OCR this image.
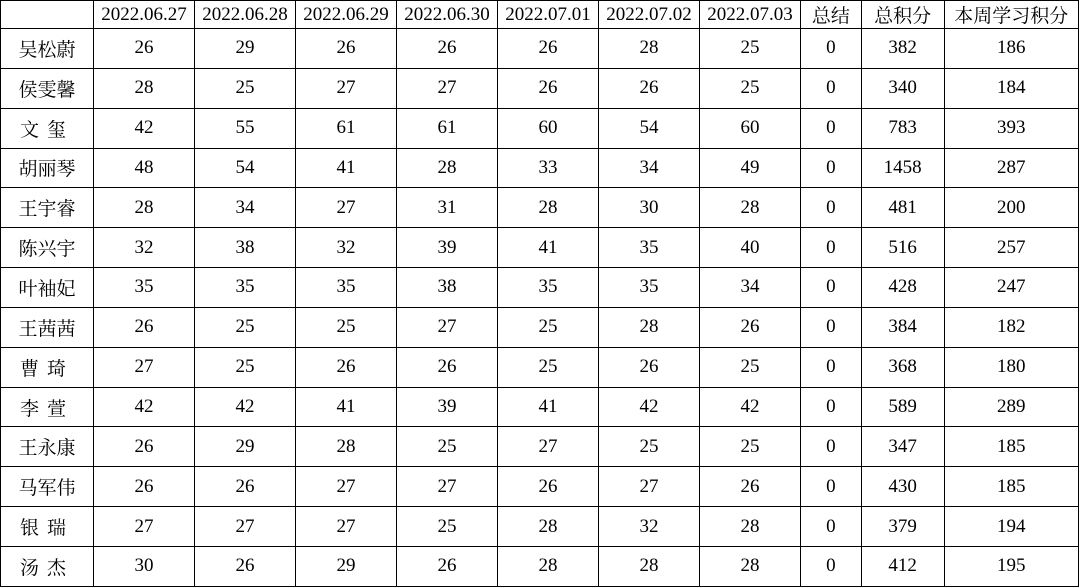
	2022.06.27	2022.06.28	2022.06.29	2022.06.30	2022.07.01	2022.07.02	2022.07.03	总结	总积分	本周学习积分
吴松蔚	26	29	26	26	26	28	25	0	382	186
侯雯馨	28	25	27	27	26	26	25	0	340	184
文玺	42	55	61	61	60	54	60	0	783	393
胡丽琴	48	54	41	28	33	34	49	0	1458	287
王宇睿	28	34	27	31	28	30	28	0	481	200
陈兴宇	32	38	32	39	41	35	40	0	516	257
叶袖妃	35	35	35	38	35	35	34	0	428	247
王茜茜	26	25	25	27	25	28	26	0	384	182
曹琦	27	25	26	26	25	26	25	0	368	180
李萱	42	42	41	39	41	42	42	0	589	289
王永康	26	29	28	25	27	25	25	0	347	185
马军伟	26	26	27	27	26	27	26	0	430	185
银瑞	27	27	27	25	28	32	28	0	379	194
汤杰	30	26	29	26	28	28	28	0	412	195
